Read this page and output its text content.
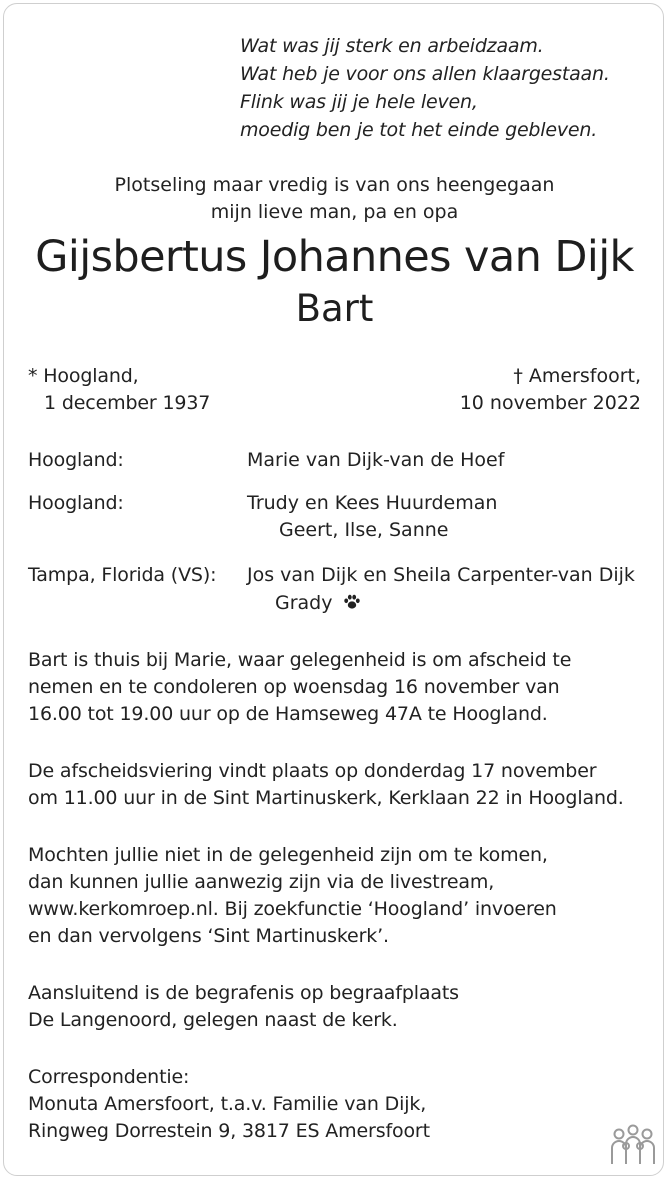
Wat was jij sterk en arbeidzaam.
Wat heb je voor ons allen klaargestaan.
Flink was jij je hele leven,
moedig ben je tot het einde gebleven.
Plotseling maar vredig is van ons heengegaan
mijn lieve man, pa en opa
Gijsbertus Johannes van Dijk
Bart
* Hoogland,
1 december 1937
† Amersfoort,
10 november 2022
Hoogland:	Marie van Dijk-van de Hoef
Hoogland:	Trudy en Kees Huurdeman
Geert, Ilse, Sanne
Tampa, Florida (VS): Jos van Dijk en Sheila Carpenter-van Dijk
Grady
Bart is thuis bij Marie, waar gelegenheid is om afscheid te
nemen en te condoleren op woensdag 16 november van
16.00 tot 19.00 uur op de Hamseweg 47A te Hoogland.
De afscheidsviering vindt plaats op donderdag 17 november
om 11.00 uur in de Sint Martinuskerk, Kerklaan 22 in Hoogland.
Mochten jullie niet in de gelegenheid zijn om te komen,
dan kunnen jullie aanwezig zijn via de livestream,
www.kerkomroep.nl. Bij zoekfunctie ‘Hoogland’ invoeren
en dan vervolgens ‘Sint Martinuskerk’.
Aansluitend is de begrafenis op begraafplaats
De Langenoord, gelegen naast de kerk.
Correspondentie:
Monuta Amersfoort, t.a.v. Familie van Dijk,
Ringweg Dorrestein 9, 3817 ES Amersfoort
